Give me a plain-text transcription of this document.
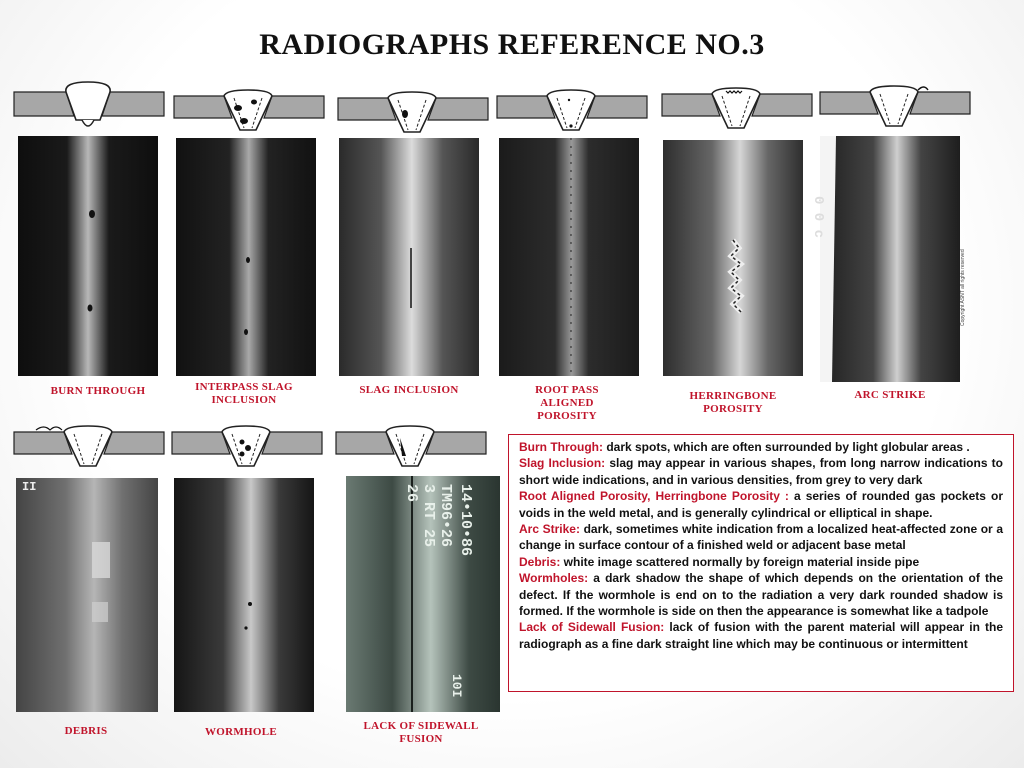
RADIOGRAPHS REFERENCE NO.3
0 0 c
Copyright ASNT all rights reserved
BURN THROUGH	INTERPASS SLAG
INCLUSION
SLAG INCLUSION	ROOT PASS
ALIGNED
POROSITY
HERRINGBONE
POROSITY
ARC STRIKE
II	14•10•86
TM96•26 3 RT 25 26
10I
DEBRIS	WORMHOLE	LACK OF SIDEWALL
FUSION

Burn Through: dark spots, which are often surrounded by light globular areas .

Slag Inclusion: slag may appear in various shapes, from long narrow indications to short wide indications, and in various densities, from grey to very dark

Root Aligned Porosity, Herringbone Porosity : a series of rounded gas pockets or voids in the weld metal, and is generally cylindrical or elliptical in shape.

Arc Strike: dark, sometimes white indication from a localized heat-affected zone or a change in surface contour of a finished weld or adjacent base metal

Debris: white image scattered normally by foreign material inside pipe

Wormholes: a dark shadow the shape of which depends on the orientation of the defect. If the wormhole is end on to the radiation a very dark rounded shadow is formed. If the wormhole is side on then the appearance is somewhat like a tadpole

Lack of Sidewall Fusion: lack of fusion with the parent material will appear in the radiograph as a fine dark straight line which may be continuous or intermittent
